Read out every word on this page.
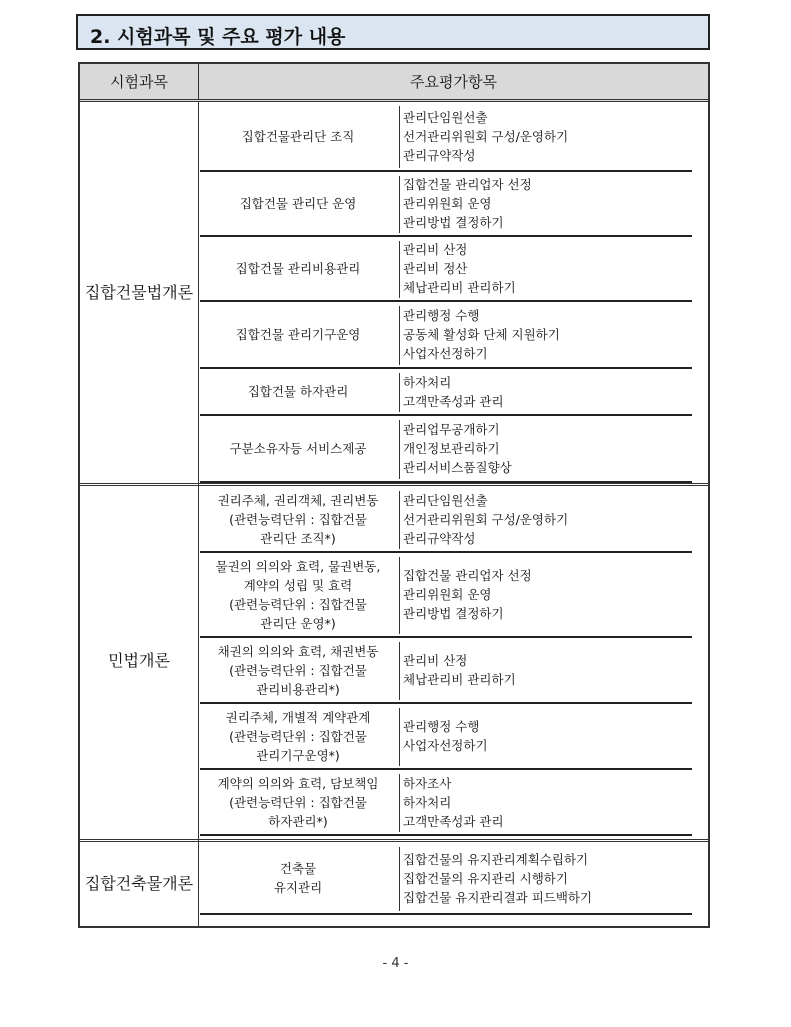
2. 시험과목 및 주요 평가 내용
시험과목	주요평가항목
집합건물법 개론
집합건물관리단 조직
관리단임원선출
선거관리위원회 구성/운영하기
관리규약작성
집합건물 관리단 운영
집합건물 관리업자 선정
관리위원회 운영
관리방법 결정하기
집합건물 관리비용관리
관리비 산정
관리비 정산
체납관리비 관리하기
집합건물 관리기구운영
관리행정 수행
공동체 활성화 단체 지원하기
사업자선정하기
집합건물 하자관리
하자처리
고객만족성과 관리
구분소유자등 서비스제공
관리업무공개하기
개인정보관리하기
관리서비스품질향상
민법개론
권리주체, 권리객체, 권리변동
(관련능력단위 : 집합건물
관리단 조직*)
관리단임원선출
선거관리위원회 구성/운영하기
관리규약작성
물권의 의의와 효력, 물권변동,
계약의 성립 및 효력
(관련능력단위 : 집합건물
관리단 운영*)
집합건물 관리업자 선정
관리위원회 운영
관리방법 결정하기
채권의 의의와 효력, 채권변동
(관련능력단위 : 집합건물
관리비용관리*)
관리비 산정
체납관리비 관리하기
권리주체, 개별적 계약관계
(관련능력단위 : 집합건물
관리기구운영*)
관리행정 수행
사업자선정하기
계약의 의의와 효력, 담보책임
(관련능력단위 : 집합건물
하자관리*)
하자조사
하자처리
고객만족성과 관리
집합건축물 개론
건축물
유지관리
집합건물의 유지관리계획수립하기
집합건물의 유지관리 시행하기
집합건물 유지관리결과 피드백하기
- 4 -
